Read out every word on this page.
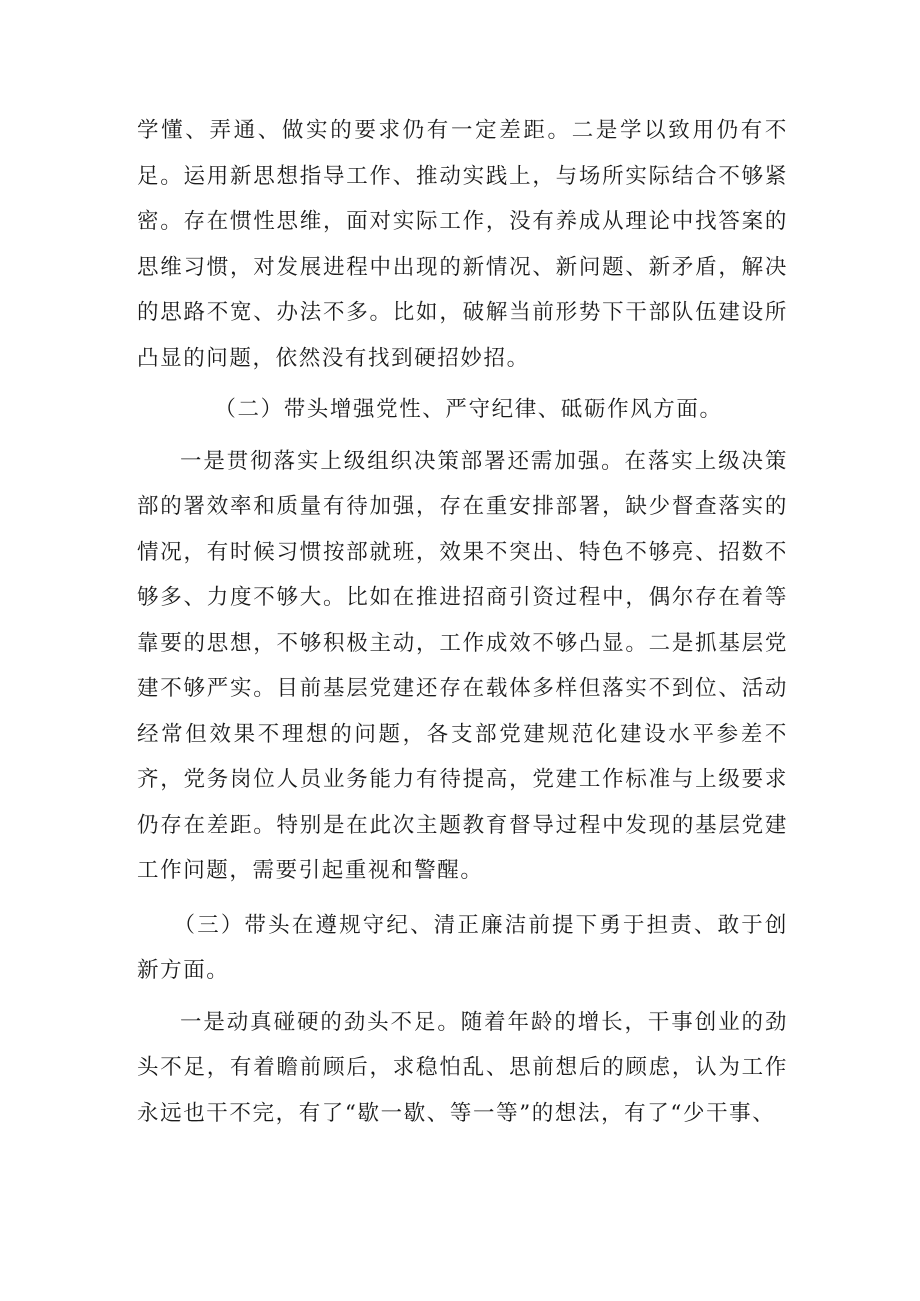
学懂、弄通、做实的要求仍有一定差距。二是学以致用仍有不足。运用新思想指导工作、推动实践上，与场所实际结合不够紧密。存在惯性思维，面对实际工作，没有养成从理论中找答案的思维习惯，对发展进程中出现的新情况、新问题、新矛盾，解决的思路不宽、办法不多。比如，破解当前形势下干部队伍建设所凸显的问题，依然没有找到硬招妙招。

（二）带头增强党性、严守纪律、砥砺作风方面。

一是贯彻落实上级组织决策部署还需加强。在落实上级决策部的署效率和质量有待加强，存在重安排部署，缺少督查落实的情况，有时候习惯按部就班，效果不突出、特色不够亮、招数不够多、力度不够大。比如在推进招商引资过程中，偶尔存在着等靠要的思想，不够积极主动，工作成效不够凸显。二是抓基层党建不够严实。目前基层党建还存在载体多样但落实不到位、活动经常但效果不理想的问题，各支部党建规范化建设水平参差不齐，党务岗位人员业务能力有待提高，党建工作标准与上级要求仍存在差距。特别是在此次主题教育督导过程中发现的基层党建工作问题，需要引起重视和警醒。

（三）带头在遵规守纪、清正廉洁前提下勇于担责、敢于创新方面。

一是动真碰硬的劲头不足。随着年龄的增长，干事创业的劲头不足，有着瞻前顾后，求稳怕乱、思前想后的顾虑，认为工作永远也干不完，有了“歇一歇、等一等”的想法，有了“少干事、
